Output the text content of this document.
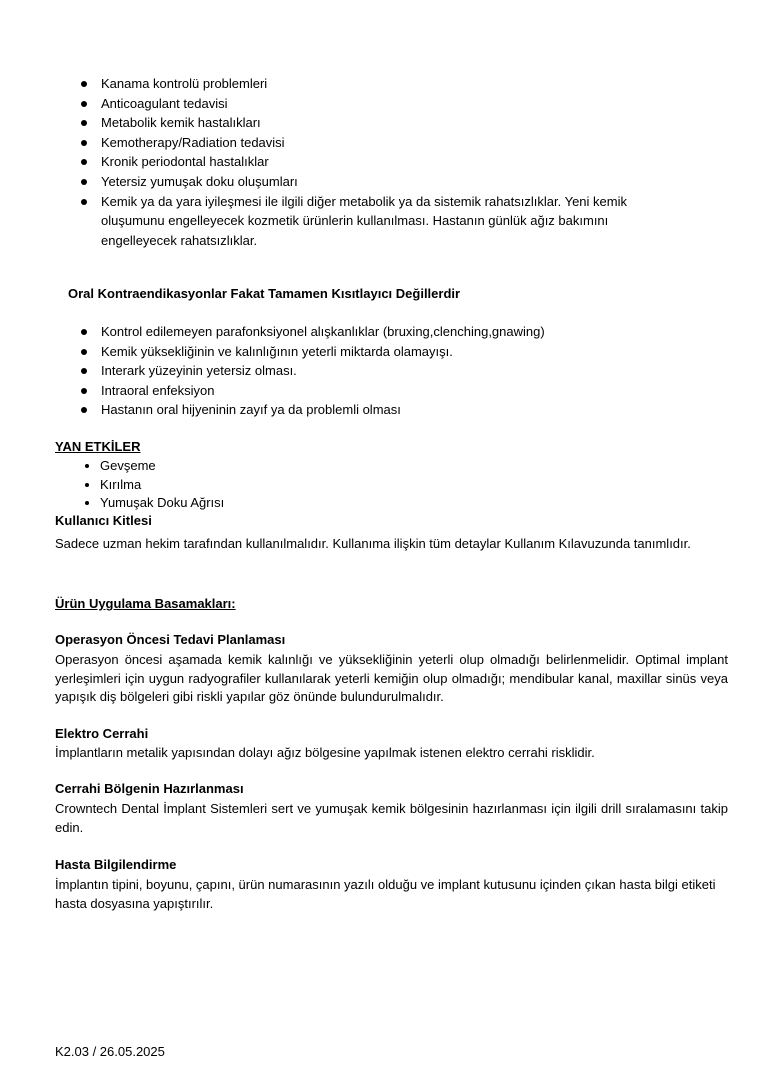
Kanama kontrolü problemleri
Anticoagulant tedavisi
Metabolik kemik hastalıkları
Kemotherapy/Radiation tedavisi
Kronik periodontal hastalıklar
Yetersiz yumuşak doku oluşumları
Kemik ya da yara iyileşmesi ile ilgili diğer metabolik ya da sistemik rahatsızlıklar. Yeni kemik oluşumunu engelleyecek kozmetik ürünlerin kullanılması. Hastanın günlük ağız bakımını engelleyecek rahatsızlıklar.
Oral Kontraendikasyonlar Fakat Tamamen Kısıtlayıcı Değillerdir
Kontrol edilemeyen parafonksiyonel alışkanlıklar (bruxing,clenching,gnawing)
Kemik yüksekliğinin ve kalınlığının yeterli miktarda olamayışı.
Interark yüzeyinin yetersiz olması.
Intraoral enfeksiyon
Hastanın oral hijyeninin zayıf ya da problemli olması
YAN ETKİLER
Gevşeme
Kırılma
Yumuşak Doku Ağrısı
Kullanıcı Kitlesi
Sadece uzman hekim tarafından kullanılmalıdır. Kullanıma ilişkin tüm detaylar Kullanım Kılavuzunda tanımlıdır.
Ürün Uygulama Basamakları:
Operasyon Öncesi Tedavi Planlaması
Operasyon öncesi aşamada kemik kalınlığı ve yüksekliğinin yeterli olup olmadığı belirlenmelidir. Optimal implant yerleşimleri için uygun radyografiler kullanılarak yeterli kemiğin olup olmadığı; mendibular kanal, maxillar sinüs veya yapışık diş bölgeleri gibi riskli yapılar göz önünde bulundurulmalıdır.
Elektro Cerrahi
İmplantların metalik yapısından dolayı ağız bölgesine yapılmak istenen elektro cerrahi risklidir.
Cerrahi Bölgenin Hazırlanması
Crowntech Dental İmplant Sistemleri sert ve yumuşak kemik bölgesinin hazırlanması için ilgili drill sıralamasını takip edin.
Hasta Bilgilendirme
İmplantın tipini, boyunu, çapını, ürün numarasının yazılı olduğu ve implant kutusunu içinden çıkan hasta bilgi etiketi hasta dosyasına yapıştırılır.
K2.03 / 26.05.2025
